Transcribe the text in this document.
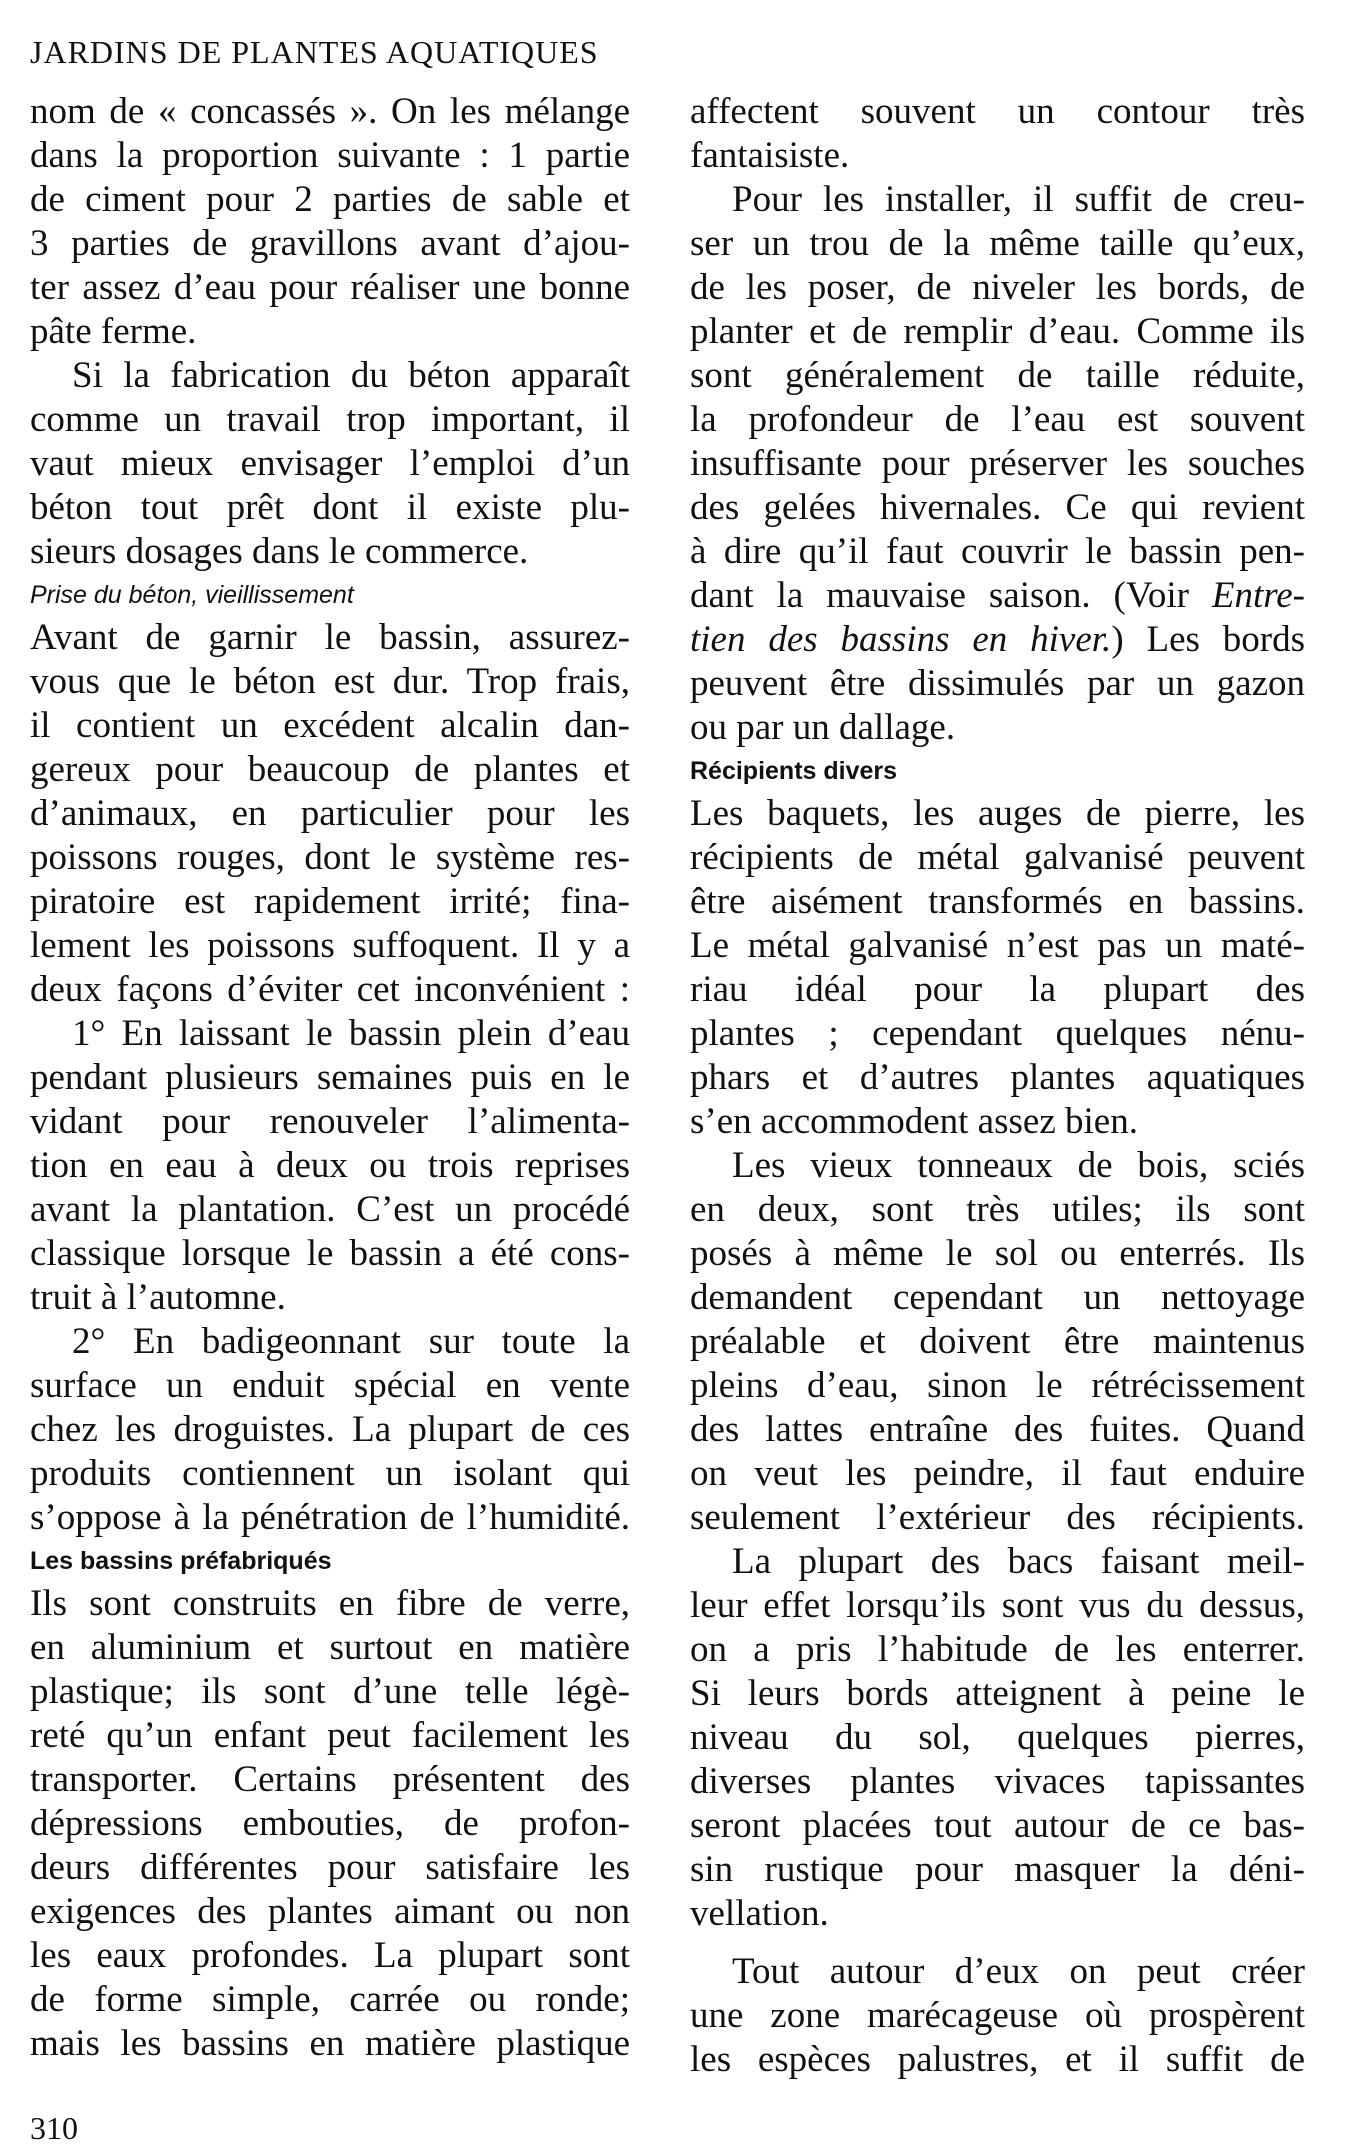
JARDINS DE PLANTES AQUATIQUES
nom de « concassés ». On les mélange
dans la proportion suivante : 1 partie
de ciment pour 2 parties de sable et
3 parties de gravillons avant d’ajou-
ter assez d’eau pour réaliser une bonne
pâte ferme.
Si la fabrication du béton apparaît
comme un travail trop important, il
vaut mieux envisager l’emploi d’un
béton tout prêt dont il existe plu-
sieurs dosages dans le commerce.
Prise du béton, vieillissement
Avant de garnir le bassin, assurez-
vous que le béton est dur. Trop frais,
il contient un excédent alcalin dan-
gereux pour beaucoup de plantes et
d’animaux, en particulier pour les
poissons rouges, dont le système res-
piratoire est rapidement irrité; fina-
lement les poissons suffoquent. Il y a
deux façons d’éviter cet inconvénient :
1° En laissant le bassin plein d’eau
pendant plusieurs semaines puis en le
vidant pour renouveler l’alimenta-
tion en eau à deux ou trois reprises
avant la plantation. C’est un procédé
classique lorsque le bassin a été cons-
truit à l’automne.
2° En badigeonnant sur toute la
surface un enduit spécial en vente
chez les droguistes. La plupart de ces
produits contiennent un isolant qui
s’oppose à la pénétration de l’humidité.
Les bassins préfabriqués
Ils sont construits en fibre de verre,
en aluminium et surtout en matière
plastique; ils sont d’une telle légè-
reté qu’un enfant peut facilement les
transporter. Certains présentent des
dépressions embouties, de profon-
deurs différentes pour satisfaire les
exigences des plantes aimant ou non
les eaux profondes. La plupart sont
de forme simple, carrée ou ronde;
mais les bassins en matière plastique
affectent souvent un contour très
fantaisiste.
Pour les installer, il suffit de creu-
ser un trou de la même taille qu’eux,
de les poser, de niveler les bords, de
planter et de remplir d’eau. Comme ils
sont généralement de taille réduite,
la profondeur de l’eau est souvent
insuffisante pour préserver les souches
des gelées hivernales. Ce qui revient
à dire qu’il faut couvrir le bassin pen-
dant la mauvaise saison. (Voir Entre-
tien des bassins en hiver.) Les bords
peuvent être dissimulés par un gazon
ou par un dallage.
Récipients divers
Les baquets, les auges de pierre, les
récipients de métal galvanisé peuvent
être aisément transformés en bassins.
Le métal galvanisé n’est pas un maté-
riau idéal pour la plupart des
plantes ; cependant quelques nénu-
phars et d’autres plantes aquatiques
s’en accommodent assez bien.
Les vieux tonneaux de bois, sciés
en deux, sont très utiles; ils sont
posés à même le sol ou enterrés. Ils
demandent cependant un nettoyage
préalable et doivent être maintenus
pleins d’eau, sinon le rétrécissement
des lattes entraîne des fuites. Quand
on veut les peindre, il faut enduire
seulement l’extérieur des récipients.
La plupart des bacs faisant meil-
leur effet lorsqu’ils sont vus du dessus,
on a pris l’habitude de les enterrer.
Si leurs bords atteignent à peine le
niveau du sol, quelques pierres,
diverses plantes vivaces tapissantes
seront placées tout autour de ce bas-
sin rustique pour masquer la déni-
vellation.
Tout autour d’eux on peut créer
une zone marécageuse où prospèrent
les espèces palustres, et il suffit de
310
